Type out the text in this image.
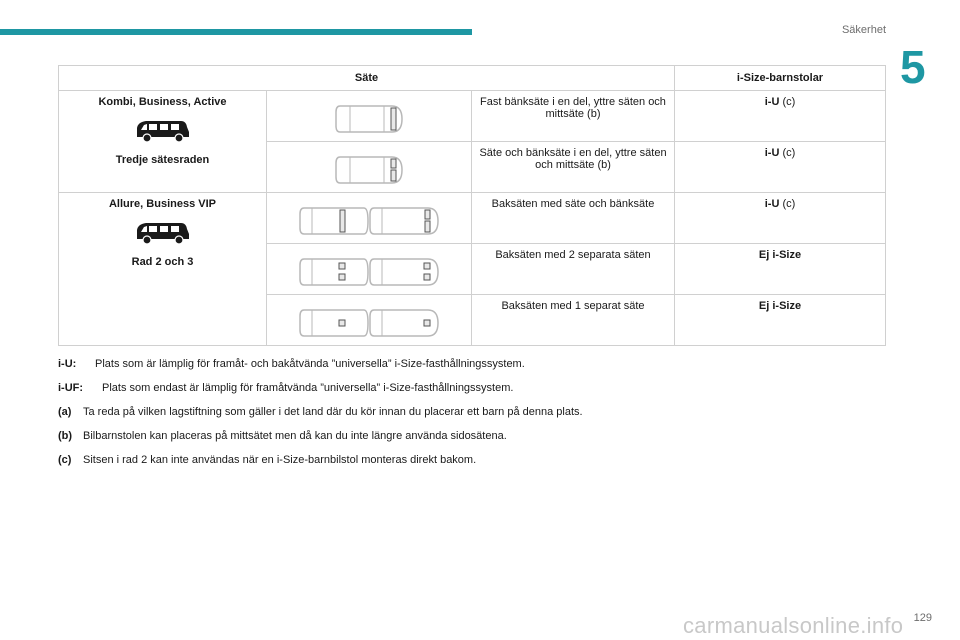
Säkerhet
5
Säte			i-Size-barnstolar

Kombi, Business, Active
Tredje sätesraden		Fast bänksäte i en del, yttre säten och mittsäte (b)	i-U (c)

	Säte och bänksäte i en del, yttre säten och mittsäte (b)	i-U (c)

Allure, Business VIP
Rad 2 och 3		Baksäten med säte och bänksäte	i-U (c)

	Baksäten med 2 separata säten	Ej i-Size

	Baksäten med 1 separat säte	Ej i-Size
i-U: Plats som är lämplig för framåt- och bakåtvända ”universella” i-Size-fasthållningssystem.
i-UF: Plats som endast är lämplig för framåtvända ”universella” i-Size-fasthållningssystem.
(a) Ta reda på vilken lagstiftning som gäller i det land där du kör innan du placerar ett barn på denna plats.
(b) Bilbarnstolen kan placeras på mittsätet men då kan du inte längre använda sidosätena.
(c) Sitsen i rad 2 kan inte användas när en i-Size-barnbilstol monteras direkt bakom.
carmanualsonline.info 129
